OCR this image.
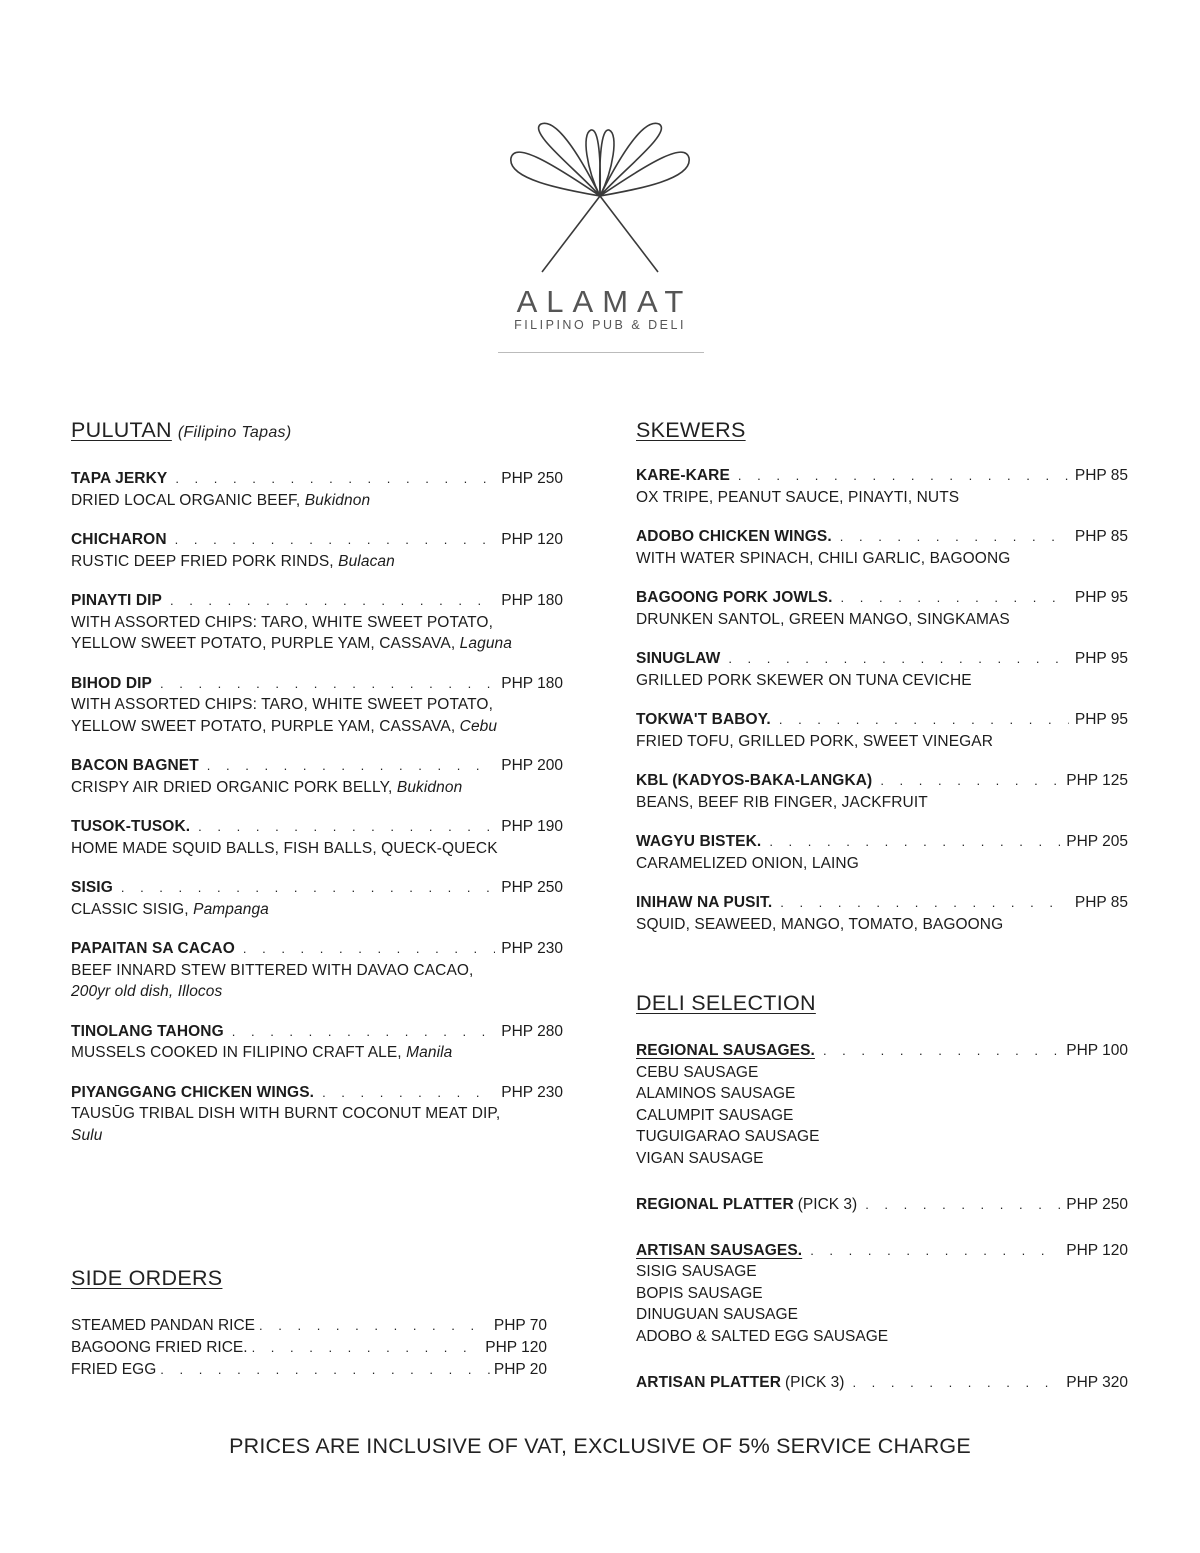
ALAMAT
FILIPINO PUB & DELI
PULUTAN (Filipino Tapas)
TAPA JERKY . . .	PHP 250
DRIED LOCAL ORGANIC BEEF, Bukidnon
CHICHARON . . .	PHP 120
RUSTIC DEEP FRIED PORK RINDS, Bulacan
PINAYTI DIP . . .	PHP 180
WITH ASSORTED CHIPS: TARO, WHITE SWEET POTATO,
YELLOW SWEET POTATO, PURPLE YAM, CASSAVA, Laguna
BIHOD DIP . . .	PHP 180
WITH ASSORTED CHIPS: TARO, WHITE SWEET POTATO,
YELLOW SWEET POTATO, PURPLE YAM, CASSAVA, Cebu
BACON BAGNET . . .	PHP 200
CRISPY AIR DRIED ORGANIC PORK BELLY, Bukidnon
TUSOK-TUSOK. . . .	PHP 190
HOME MADE SQUID BALLS, FISH BALLS, QUECK-QUECK
SISIG . . .	PHP 250
CLASSIC SISIG, Pampanga
PAPAITAN SA CACAO . . .	PHP 230
BEEF INNARD STEW BITTERED WITH DAVAO CACAO,
200yr old dish, Illocos
TINOLANG TAHONG . . .	PHP 280
MUSSELS COOKED IN FILIPINO CRAFT ALE, Manila
PIYANGGANG CHICKEN WINGS. . . .	PHP 230
TAUSŪG TRIBAL DISH WITH BURNT COCONUT MEAT DIP,
Sulu
SKEWERS
KARE-KARE . . .	PHP 85
OX TRIPE, PEANUT SAUCE, PINAYTI, NUTS
ADOBO CHICKEN WINGS. . . .	PHP 85
WITH WATER SPINACH, CHILI GARLIC, BAGOONG
BAGOONG PORK JOWLS. . . .	PHP 95
DRUNKEN SANTOL, GREEN MANGO, SINGKAMAS
SINUGLAW . . .	PHP 95
GRILLED PORK SKEWER ON TUNA CEVICHE
TOKWA'T BABOY. . . .	PHP 95
FRIED TOFU, GRILLED PORK, SWEET VINEGAR
KBL (KADYOS-BAKA-LANGKA) . . .	PHP 125
BEANS, BEEF RIB FINGER, JACKFRUIT
WAGYU BISTEK. . . .	PHP 205
CARAMELIZED ONION, LAING
INIHAW NA PUSIT. . . .	PHP 85
SQUID, SEAWEED, MANGO, TOMATO, BAGOONG
DELI SELECTION
REGIONAL SAUSAGES. . . .	PHP 100
CEBU SAUSAGE
ALAMINOS SAUSAGE
CALUMPIT SAUSAGE
TUGUIGARAO SAUSAGE
VIGAN SAUSAGE
REGIONAL PLATTER (PICK 3) . . .	PHP 250
ARTISAN SAUSAGES. . . .	PHP 120
SISIG SAUSAGE
BOPIS SAUSAGE
DINUGUAN SAUSAGE
ADOBO & SALTED EGG SAUSAGE
ARTISAN PLATTER (PICK 3) . . .	PHP 320
SIDE ORDERS
STEAMED PANDAN RICE . . .	PHP 70
BAGOONG FRIED RICE. . . .	PHP 120
FRIED EGG . . .	PHP 20
PRICES ARE INCLUSIVE OF VAT, EXCLUSIVE OF 5% SERVICE CHARGE
